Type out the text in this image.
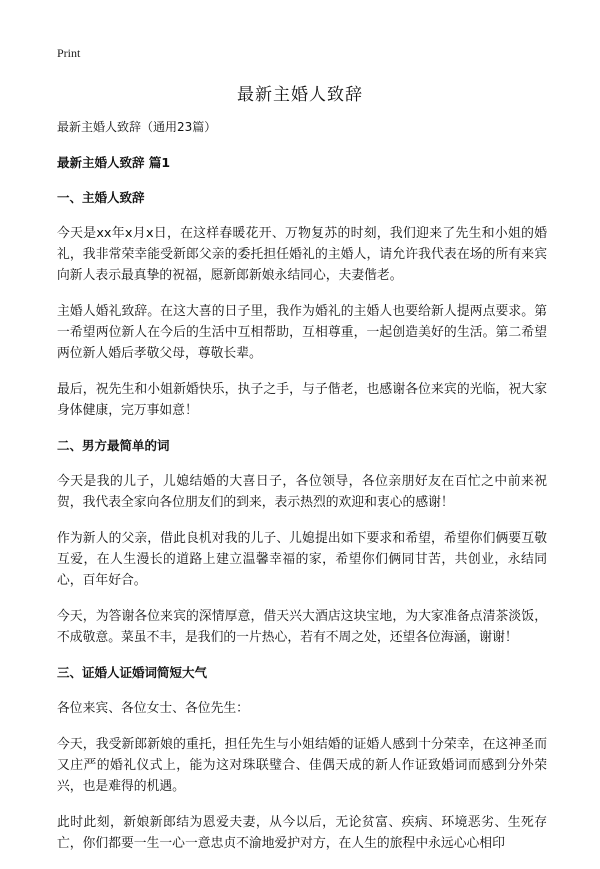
Print
最新主婚人致辞
最新主婚人致辞（通用23篇）
最新主婚人致辞 篇1
一、主婚人致辞

今天是xx年x月x日，在这样春暖花开、万物复苏的时刻，我们迎来了先生和小姐的婚礼，我非常荣幸能受新郎父亲的委托担任婚礼的主婚人，请允许我代表在场的所有来宾向新人表示最真挚的祝福，愿新郎新娘永结同心，夫妻偕老。

主婚人婚礼致辞。在这大喜的日子里，我作为婚礼的主婚人也要给新人提两点要求。第一希望两位新人在今后的生活中互相帮助，互相尊重，一起创造美好的生活。第二希望两位新人婚后孝敬父母，尊敬长辈。

最后，祝先生和小姐新婚快乐，执子之手，与子偕老，也感谢各位来宾的光临，祝大家身体健康，完万事如意！

二、男方最简单的词

今天是我的儿子，儿媳结婚的大喜日子，各位领导，各位亲朋好友在百忙之中前来祝贺，我代表全家向各位朋友们的到来，表示热烈的欢迎和衷心的感谢！

作为新人的父亲，借此良机对我的儿子、儿媳提出如下要求和希望，希望你们俩要互敬互爱，在人生漫长的道路上建立温馨幸福的家，希望你们俩同甘苦，共创业，永结同心，百年好合。

今天，为答谢各位来宾的深情厚意，借天兴大酒店这块宝地，为大家准备点清茶淡饭，不成敬意。菜虽不丰，是我们的一片热心，若有不周之处，还望各位海涵，谢谢！

三、证婚人证婚词简短大气

各位来宾、各位女士、各位先生：

今天，我受新郎新娘的重托，担任先生与小姐结婚的证婚人感到十分荣幸，在这神圣而又庄严的婚礼仪式上，能为这对珠联璧合、佳偶天成的新人作证致婚词而感到分外荣兴，也是难得的机遇。

此时此刻，新娘新郎结为恩爱夫妻，从今以后，无论贫富、疾病、环境恶劣、生死存亡，你们都要一生一心一意忠贞不渝地爱护对方，在人生的旅程中永远心心相印
